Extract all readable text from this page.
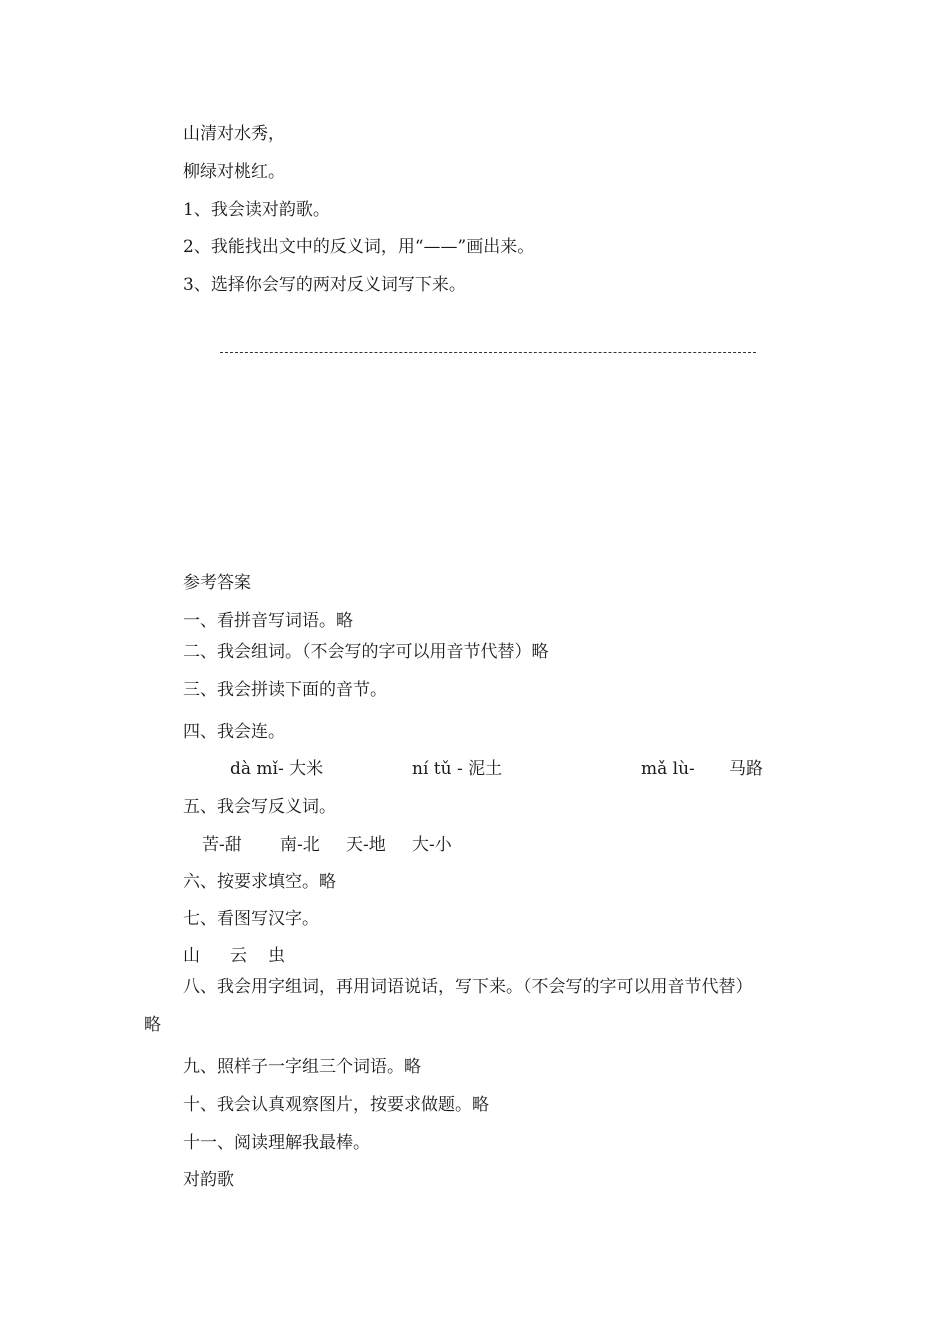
山清对水秀，
柳绿对桃红。
1、我会读对韵歌。
2、我能找出文中的反义词，用“——”画出来。
3、选择你会写的两对反义词写下来。
参考答案
一、看拼音写词语。略
二、我会组词。（不会写的字可以用音节代替）略
三、我会拼读下面的音节。
四、我会连。
dà mǐ- 大米	ní tǔ - 泥土	mǎ lù- 马路
五、我会写反义词。
苦-甜 南-北 天-地 大-小
六、按要求填空。略
七、看图写汉字。
山 云 虫
八、我会用字组词，再用词语说话，写下来。（不会写的字可以用音节代替）
略
九、照样子一字组三个词语。略
十、我会认真观察图片，按要求做题。略
十一、阅读理解我最棒。
对韵歌
